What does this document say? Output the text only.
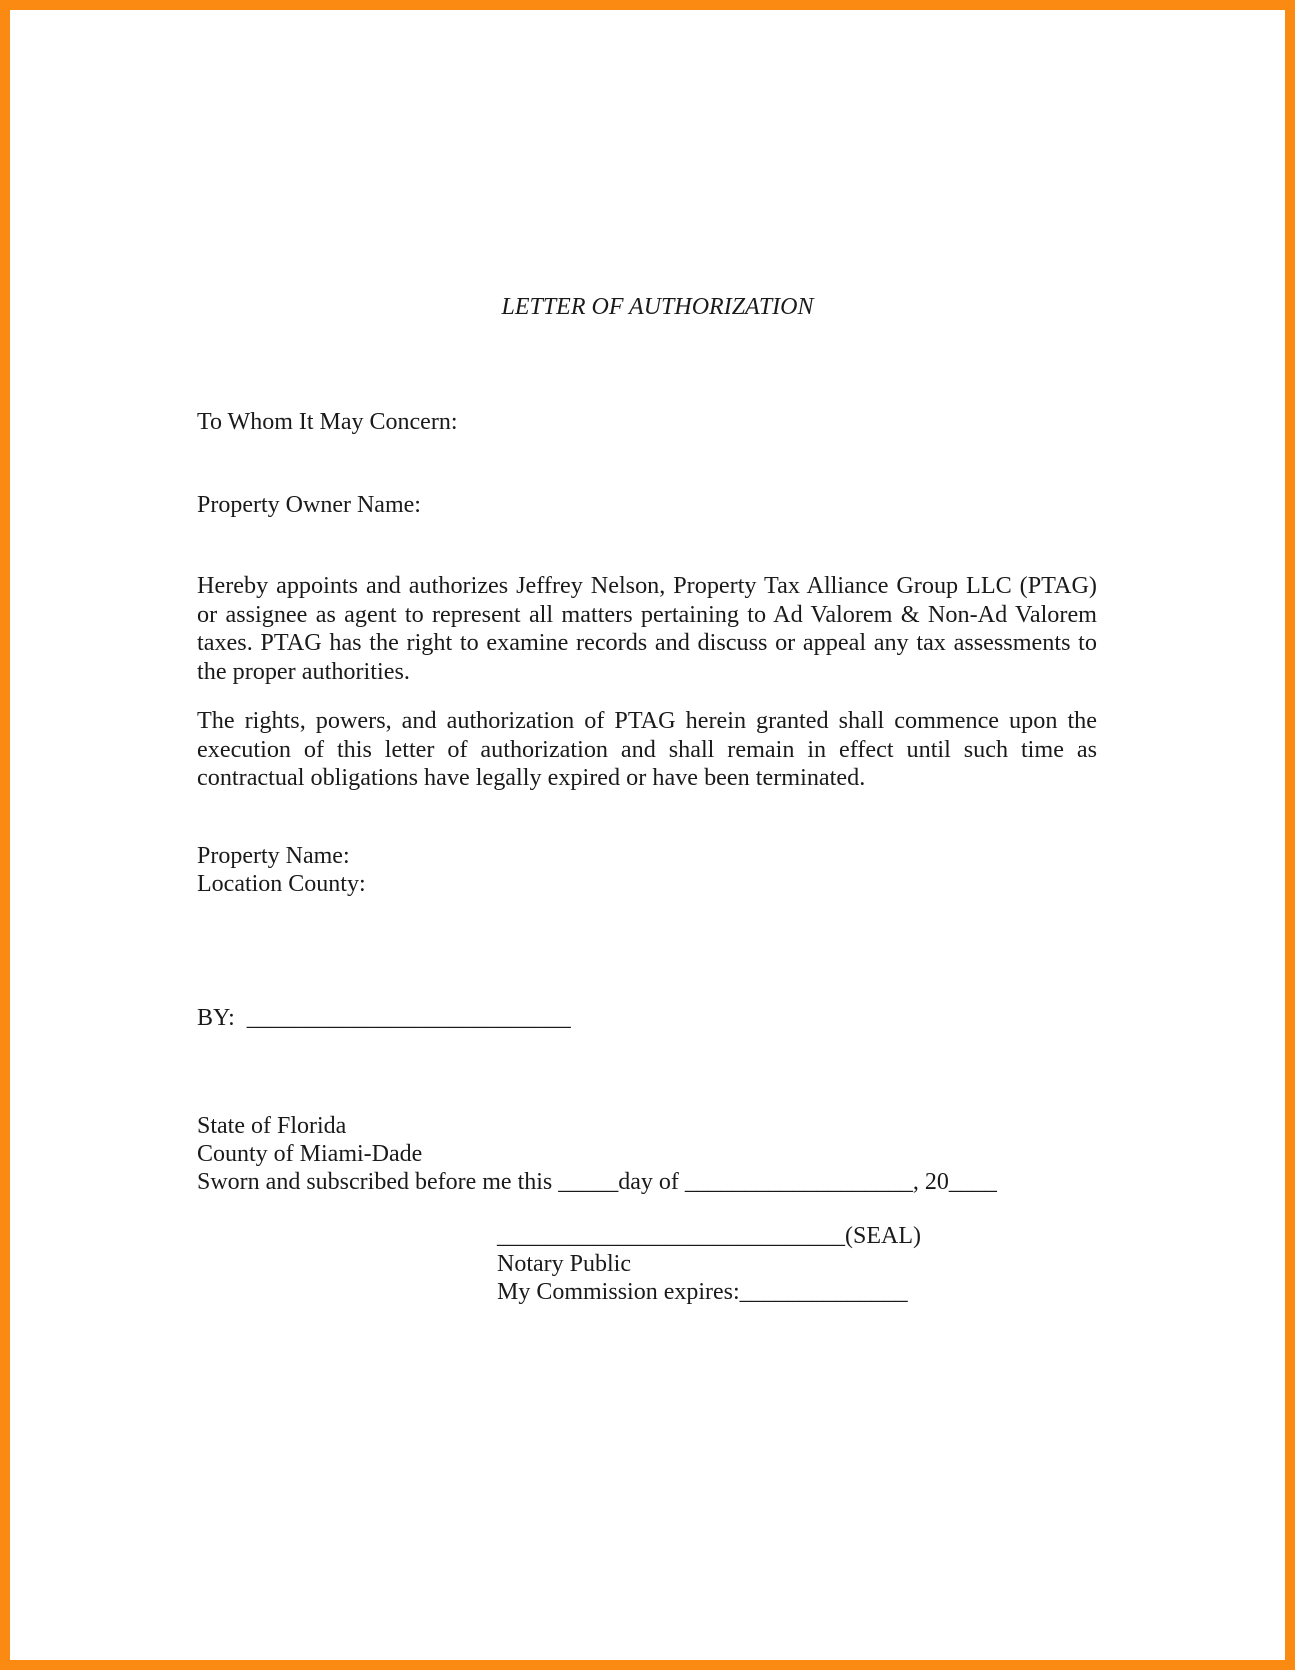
LETTER OF AUTHORIZATION
To Whom It May Concern:
Property Owner Name:
Hereby appoints and authorizes Jeffrey Nelson, Property Tax Alliance Group LLC (PTAG) or assignee as agent to represent all matters pertaining to Ad Valorem & Non-Ad Valorem taxes. PTAG has the right to examine records and discuss or appeal any tax assessments to the proper authorities.
The rights, powers, and authorization of PTAG herein granted shall commence upon the execution of this letter of authorization and shall remain in effect until such time as contractual obligations have legally expired or have been terminated.
Property Name:
Location County:
BY:  ___________________________
State of Florida
County of Miami-Dade
Sworn and subscribed before me this _____day of ___________________, 20____
_____________________________(SEAL)
Notary Public
My Commission expires:______________
